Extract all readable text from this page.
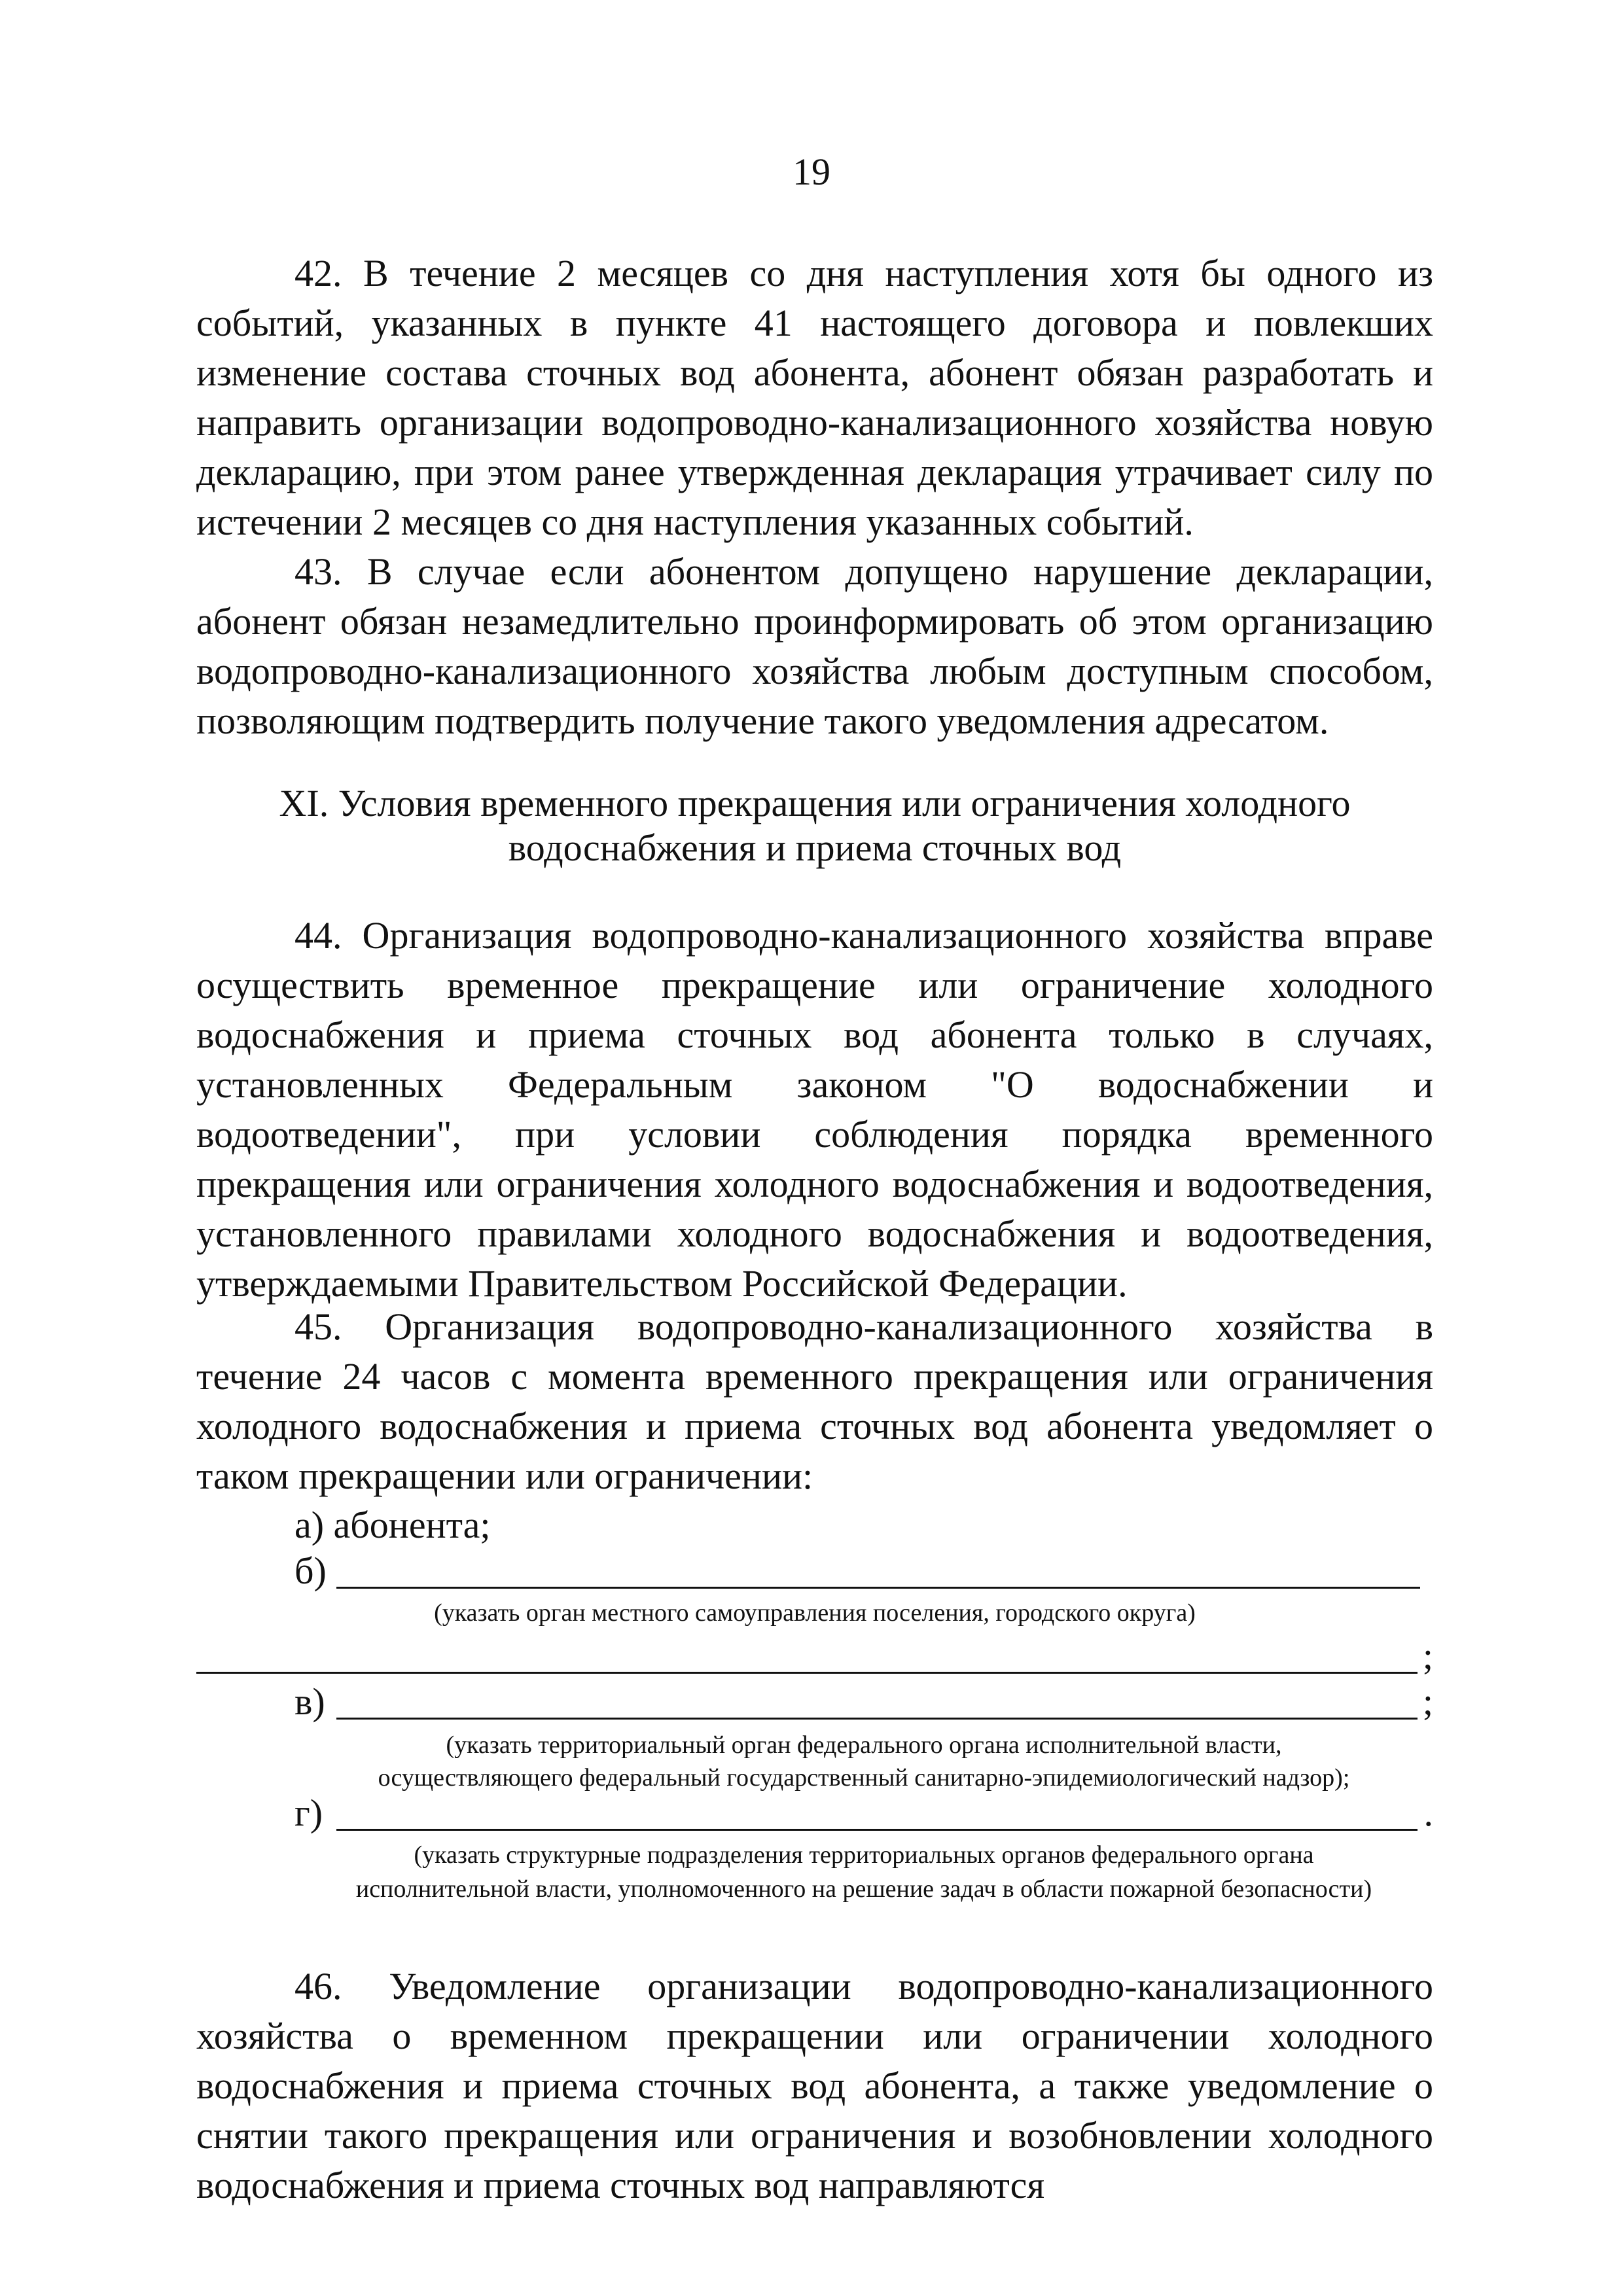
19

42. В течение 2 месяцев со дня наступления хотя бы одного из событий, указанных в пункте 41 настоящего договора и повлекших изменение состава сточных вод абонента, абонент обязан разработать и направить организации водопроводно-канализационного хозяйства новую декларацию, при этом ранее утвержденная декларация утрачивает силу по истечении 2 месяцев со дня наступления указанных событий.

43. В случае если абонентом допущено нарушение декларации, абонент обязан незамедлительно проинформировать об этом организацию водопроводно-канализационного хозяйства любым доступным способом, позволяющим подтвердить получение такого уведомления адресатом.

XI. Условия временного прекращения или ограничения холодного
водоснабжения и приема сточных вод

44. Организация водопроводно-канализационного хозяйства вправе осуществить временное прекращение или ограничение холодного водоснабжения и приема сточных вод абонента только в случаях, установленных Федеральным законом "О водоснабжении и водоотведении", при условии соблюдения порядка временного прекращения или ограничения холодного водоснабжения и водоотведения, установленного правилами холодного водоснабжения и водоотведения, утверждаемыми Правительством Российской Федерации.

45. Организация водопроводно-канализационного хозяйства в течение 24 часов с момента временного прекращения или ограничения холодного водоснабжения и приема сточных вод абонента уведомляет о таком прекращении или ограничении:

а) абонента;

б)

(указать орган местного самоуправления поселения, городского округа)

;
в)	;

(указать территориальный орган федерального органа исполнительной власти,

осуществляющего федеральный государственный санитарно-эпидемиологический надзор);

г)	.

(указать структурные подразделения территориальных органов федерального органа

исполнительной власти, уполномоченного на решение задач в области пожарной безопасности)

46. Уведомление организации водопроводно-канализационного хозяйства о временном прекращении или ограничении холодного водоснабжения и приема сточных вод абонента, а также уведомление о снятии такого прекращения или ограничения и возобновлении холодного водоснабжения и приема сточных вод направляются
